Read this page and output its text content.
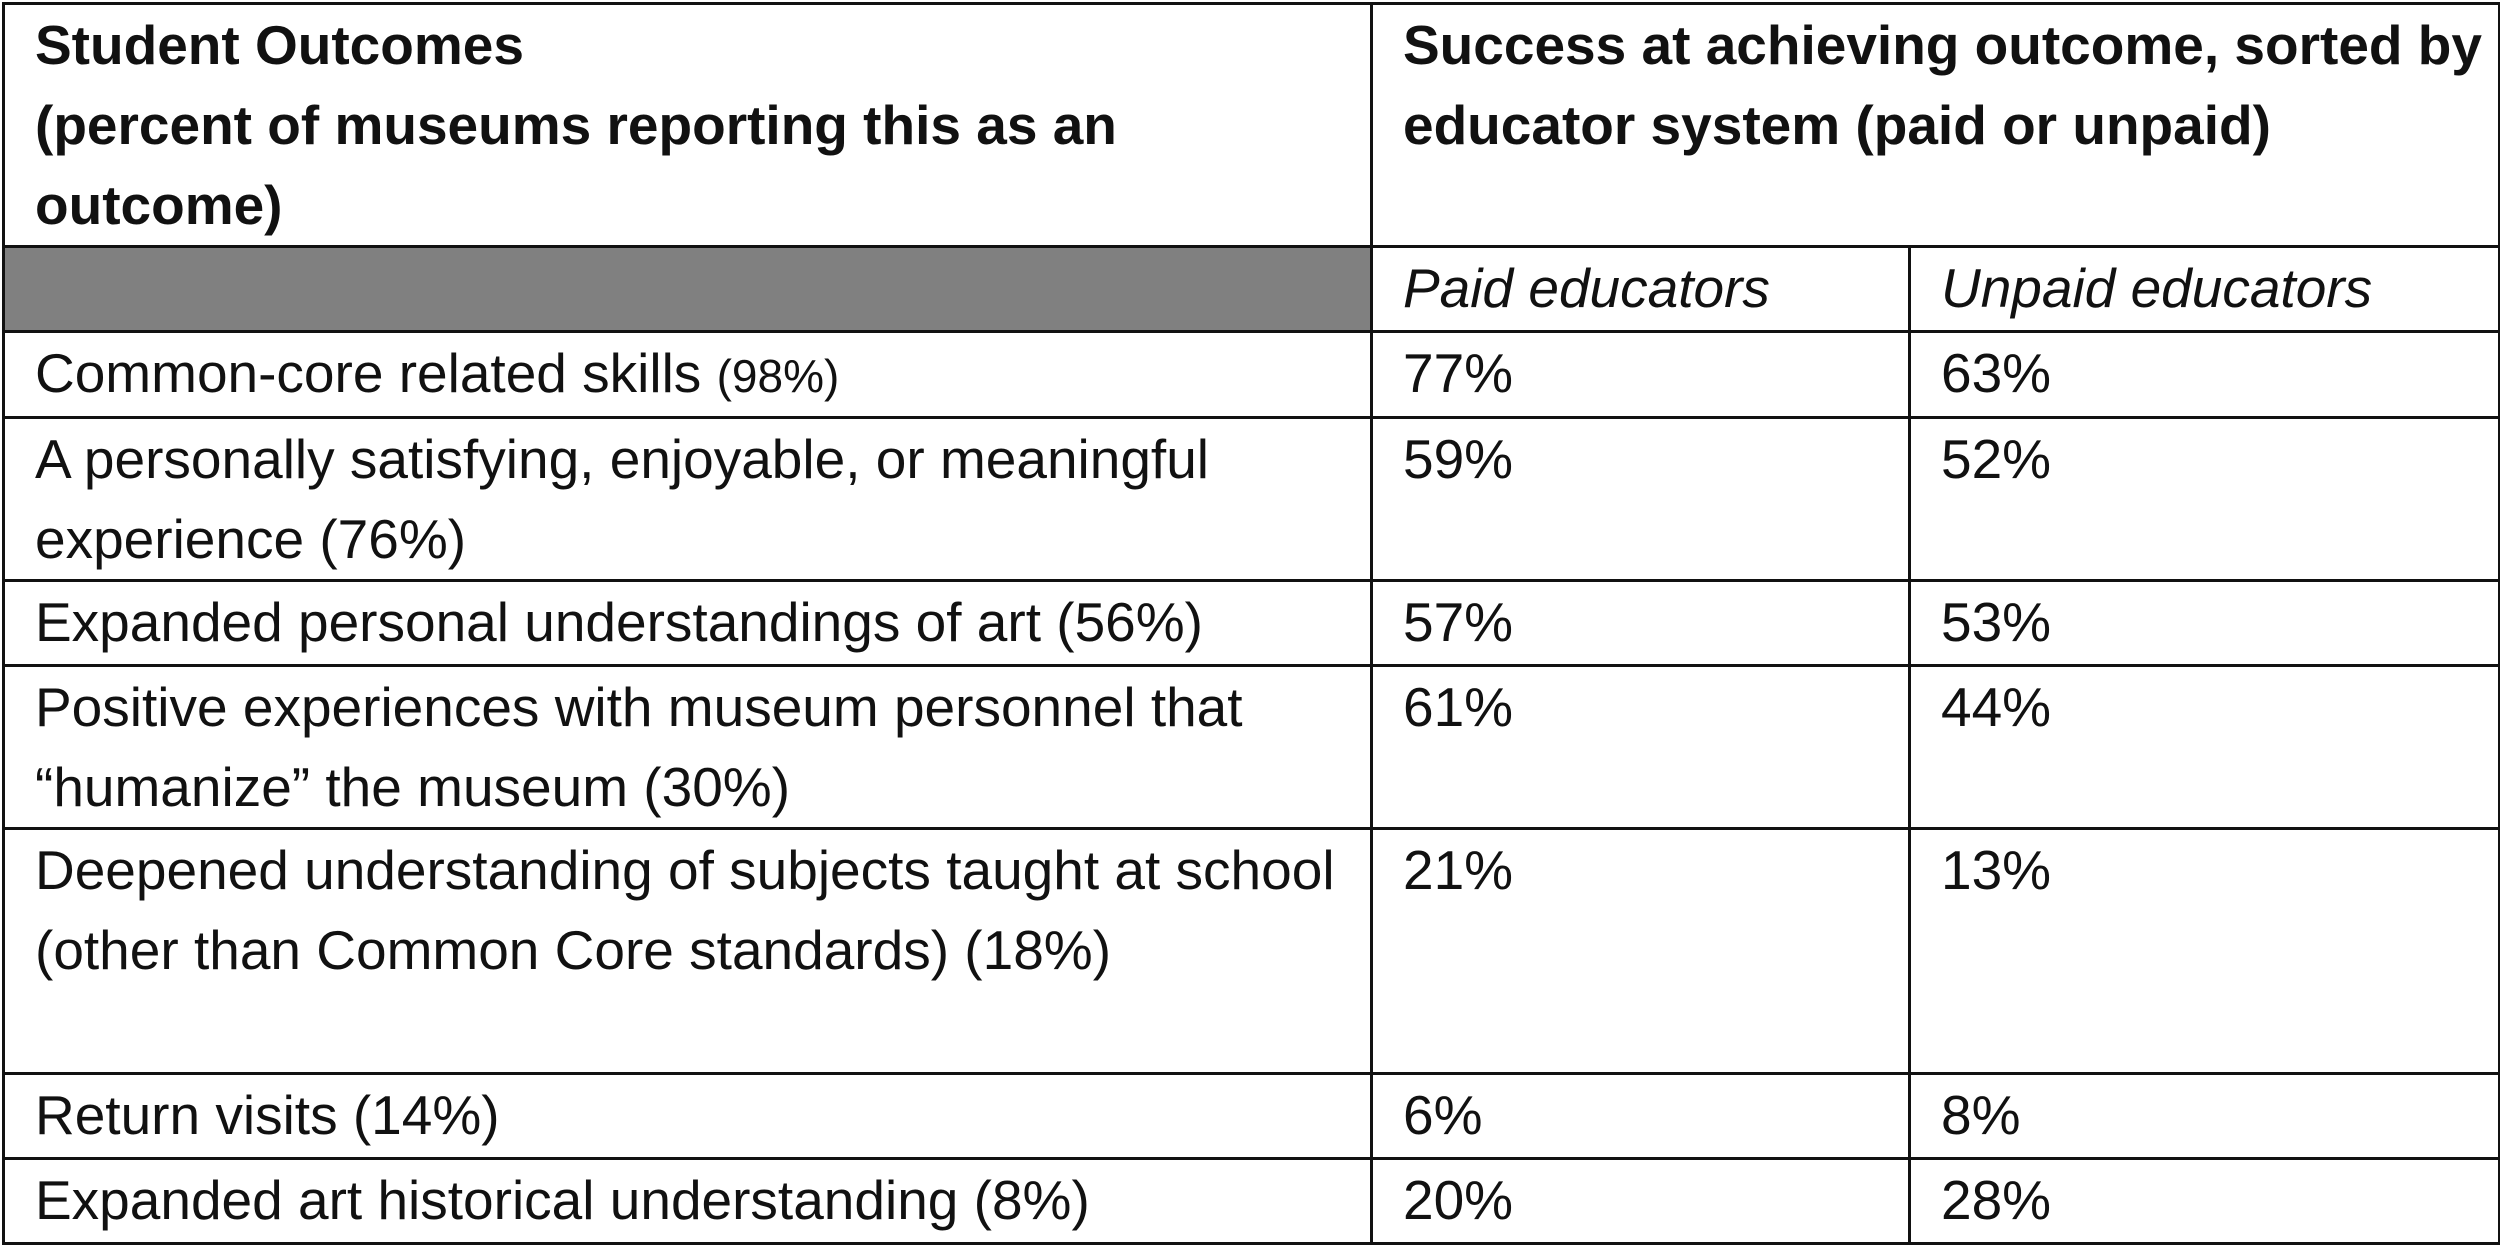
Student Outcomes
(percent of museums reporting this as an outcome)	Success at achieving outcome, sorted by educator system (paid or unpaid)	
	Paid educators	Unpaid educators
Common-core related skills (98%)	77%	63%
A personally satisfying, enjoyable, or meaningful experience (76%)	59%	52%
Expanded personal understandings of art (56%)	57%	53%
Positive experiences with museum personnel that “humanize” the museum (30%)	61%	44%
Deepened understanding of subjects taught at school (other than Common Core standards) (18%)	21%	13%
Return visits (14%)	6%	8%
Expanded art historical understanding (8%)	20%	28%
